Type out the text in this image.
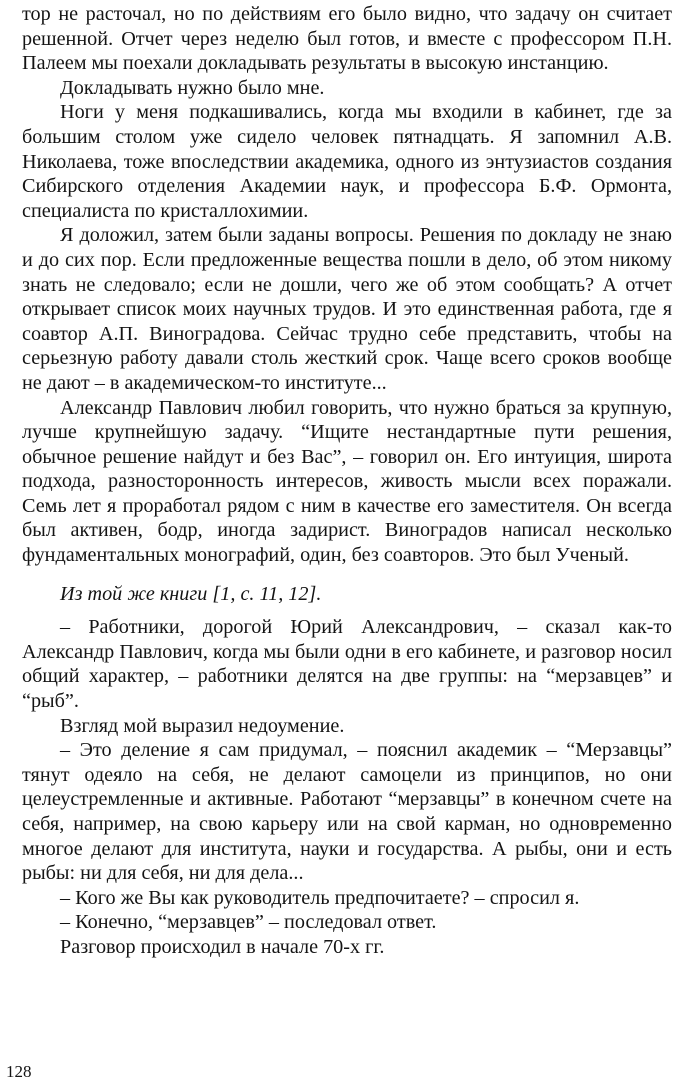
тор не расточал, но по действиям его было видно, что задачу он считает решенной. Отчет через неделю был готов, и вместе с профессором П.Н. Палеем мы поехали докладывать результаты в высокую инстанцию.

Докладывать нужно было мне.

Ноги у меня подкашивались, когда мы входили в кабинет, где за большим столом уже сидело человек пятнадцать. Я запомнил А.В. Николаева, тоже впоследствии академика, одного из энтузиастов создания Сибирского отделения Академии наук, и профессора Б.Ф. Ормонта, специалиста по кристаллохимии.

Я доложил, затем были заданы вопросы. Решения по докладу не знаю и до сих пор. Если предложенные вещества пошли в дело, об этом никому знать не следовало; если не дошли, чего же об этом сообщать? А отчет открывает список моих научных трудов. И это единственная работа, где я соавтор А.П. Виноградова. Сейчас трудно себе представить, чтобы на серьезную работу давали столь жесткий срок. Чаще всего сроков вообще не дают – в академическом-то институте...

Александр Павлович любил говорить, что нужно браться за крупную, лучше крупнейшую задачу. “Ищите нестандартные пути решения, обычное решение найдут и без Вас”, – говорил он. Его интуиция, широта подхода, разносторонность интересов, живость мысли всех поражали. Семь лет я проработал рядом с ним в качестве его заместителя. Он всегда был активен, бодр, иногда задирист. Виноградов написал несколько фундаментальных монографий, один, без соавторов. Это был Ученый.

Из той же книги [1, с. 11, 12].

– Работники, дорогой Юрий Александрович, – сказал как-то Александр Павлович, когда мы были одни в его кабинете, и разговор носил общий характер, – работники делятся на две группы: на “мерзавцев” и “рыб”.

Взгляд мой выразил недоумение.

– Это деление я сам придумал, – пояснил академик – “Мерзавцы” тянут одеяло на себя, не делают самоцели из принципов, но они целеустремленные и активные. Работают “мерзавцы” в конечном счете на себя, например, на свою карьеру или на свой карман, но одновременно многое делают для института, науки и государства. А рыбы, они и есть рыбы: ни для себя, ни для дела...

– Кого же Вы как руководитель предпочитаете? – спросил я.

– Конечно, “мерзавцев” – последовал ответ.

Разговор происходил в начале 70-х гг.

128
